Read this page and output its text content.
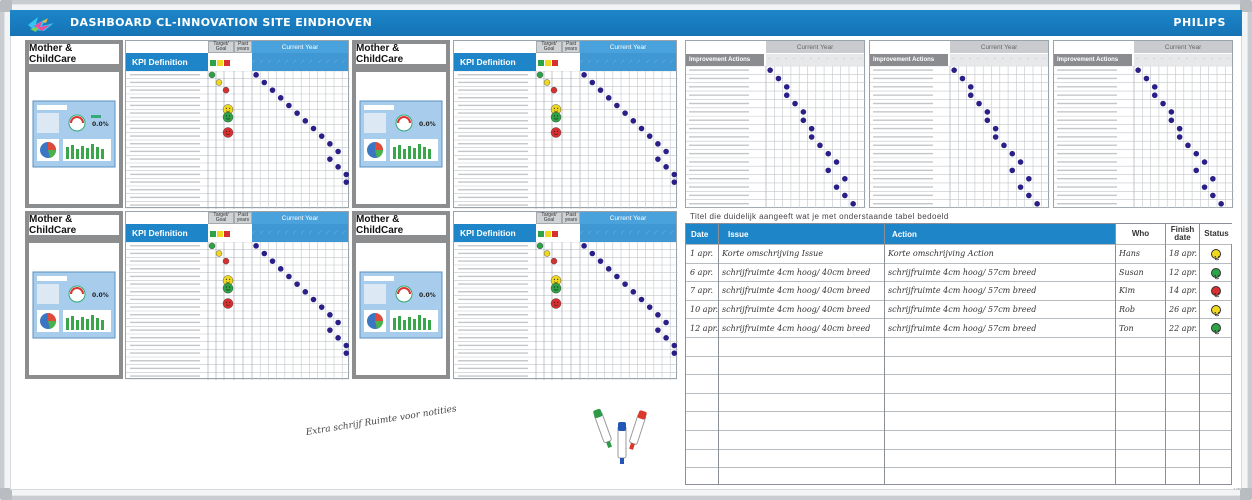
DASHBOARD CL-INNOVATION SITE EINDHOVEN	PHILIPS
Mother & ChildCare
0.0%
Target/ Goal
Past years	Current Year
KPI Definition	··· ··· ··· ··· ··· ··· ··· ··· ··· ··· ··· ···
Mother & ChildCare
0.0%
Target/ Goal
Past years	Current Year
KPI Definition	··· ··· ··· ··· ··· ··· ··· ··· ··· ··· ··· ···
Mother & ChildCare
0.0%
Target/ Goal
Past years	Current Year
KPI Definition	··· ··· ··· ··· ··· ··· ··· ··· ··· ··· ··· ···
Mother & ChildCare
0.0%
Target/ Goal
Past years	Current Year
KPI Definition	··· ··· ··· ··· ··· ··· ··· ··· ··· ··· ··· ···
Current Year
Improvement Actions	··	··	··	··	··	··	··	··	··	··	··	··
Current Year
Improvement Actions	··	··	··	··	··	··	··	··	··	··	··	··
Current Year
Improvement Actions	··	··	··	··	··	··	··	··	··	··	··	··
Titel die duidelijk aangeeft wat je met onderstaande tabel bedoeld
Date	Issue	Action	Who	Finish date	Status
1 apr.	Korte omschrijving Issue	Korte omschrijving Action	Hans	18 apr.
6 apr.	schrijfruimte 4cm hoog/ 40cm breed	schrijfruimte 4cm hoog/ 57cm breed	Susan	12 apr.
7 apr.	schrijfruimte 4cm hoog/ 40cm breed	schrijfruimte 4cm hoog/ 57cm breed	Kim	14 apr.
10 apr. schrijfruimte 4cm hoog/ 40cm breed	schrijfruimte 4cm hoog/ 57cm breed	Rob	26 apr.
12 apr. schrijfruimte 4cm hoog/ 40cm breed	schrijfruimte 4cm hoog/ 57cm breed	Ton	22 apr.
Extra schrijf Ruimte voor notities
▪ ▪▪▪▪
